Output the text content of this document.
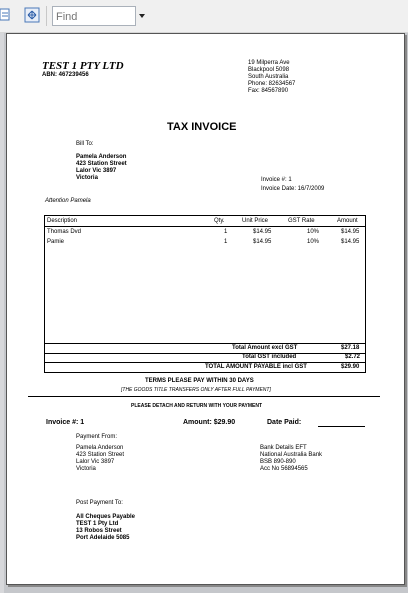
Find
TEST 1 PTY LTD
ABN: 467239456
19 Milperra Ave
Blackpool 5098
South Australia
Phone: 82634567
Fax: 84567890
TAX INVOICE
Bill To:
Pamela Anderson
423 Station Street
Lalor Vic 3897
Victoria	Invoice #: 1
Invoice Date: 16/7/2009
Attention Pamela
Description	Qty.	Unit Price	GST Rate	Amount
Thomas Dvd	1	$14.95	10%	$14.95
Pamie	1	$14.95	10%	$14.95
Total Amount excl GST	$27.18
Total GST included	$2.72
TOTAL AMOUNT PAYABLE incl GST	$29.90
TERMS PLEASE PAY WITHIN 30 DAYS
[THE GOODS TITLE TRANSFERS ONLY AFTER FULL PAYMENT]
PLEASE DETACH AND RETURN WITH YOUR PAYMENT
Invoice #: 1	Amount: $29.90	Date Paid:
Payment From:
Pamela Anderson
423 Station Street
Lalor Vic 3897
Victoria
Bank Details EFT
National Australia Bank
BSB 890-890
Acc No 56894565
Post Payment To:
All Cheques Payable
TEST 1 Pty Ltd
13 Robos Street
Port Adelaide 5085
